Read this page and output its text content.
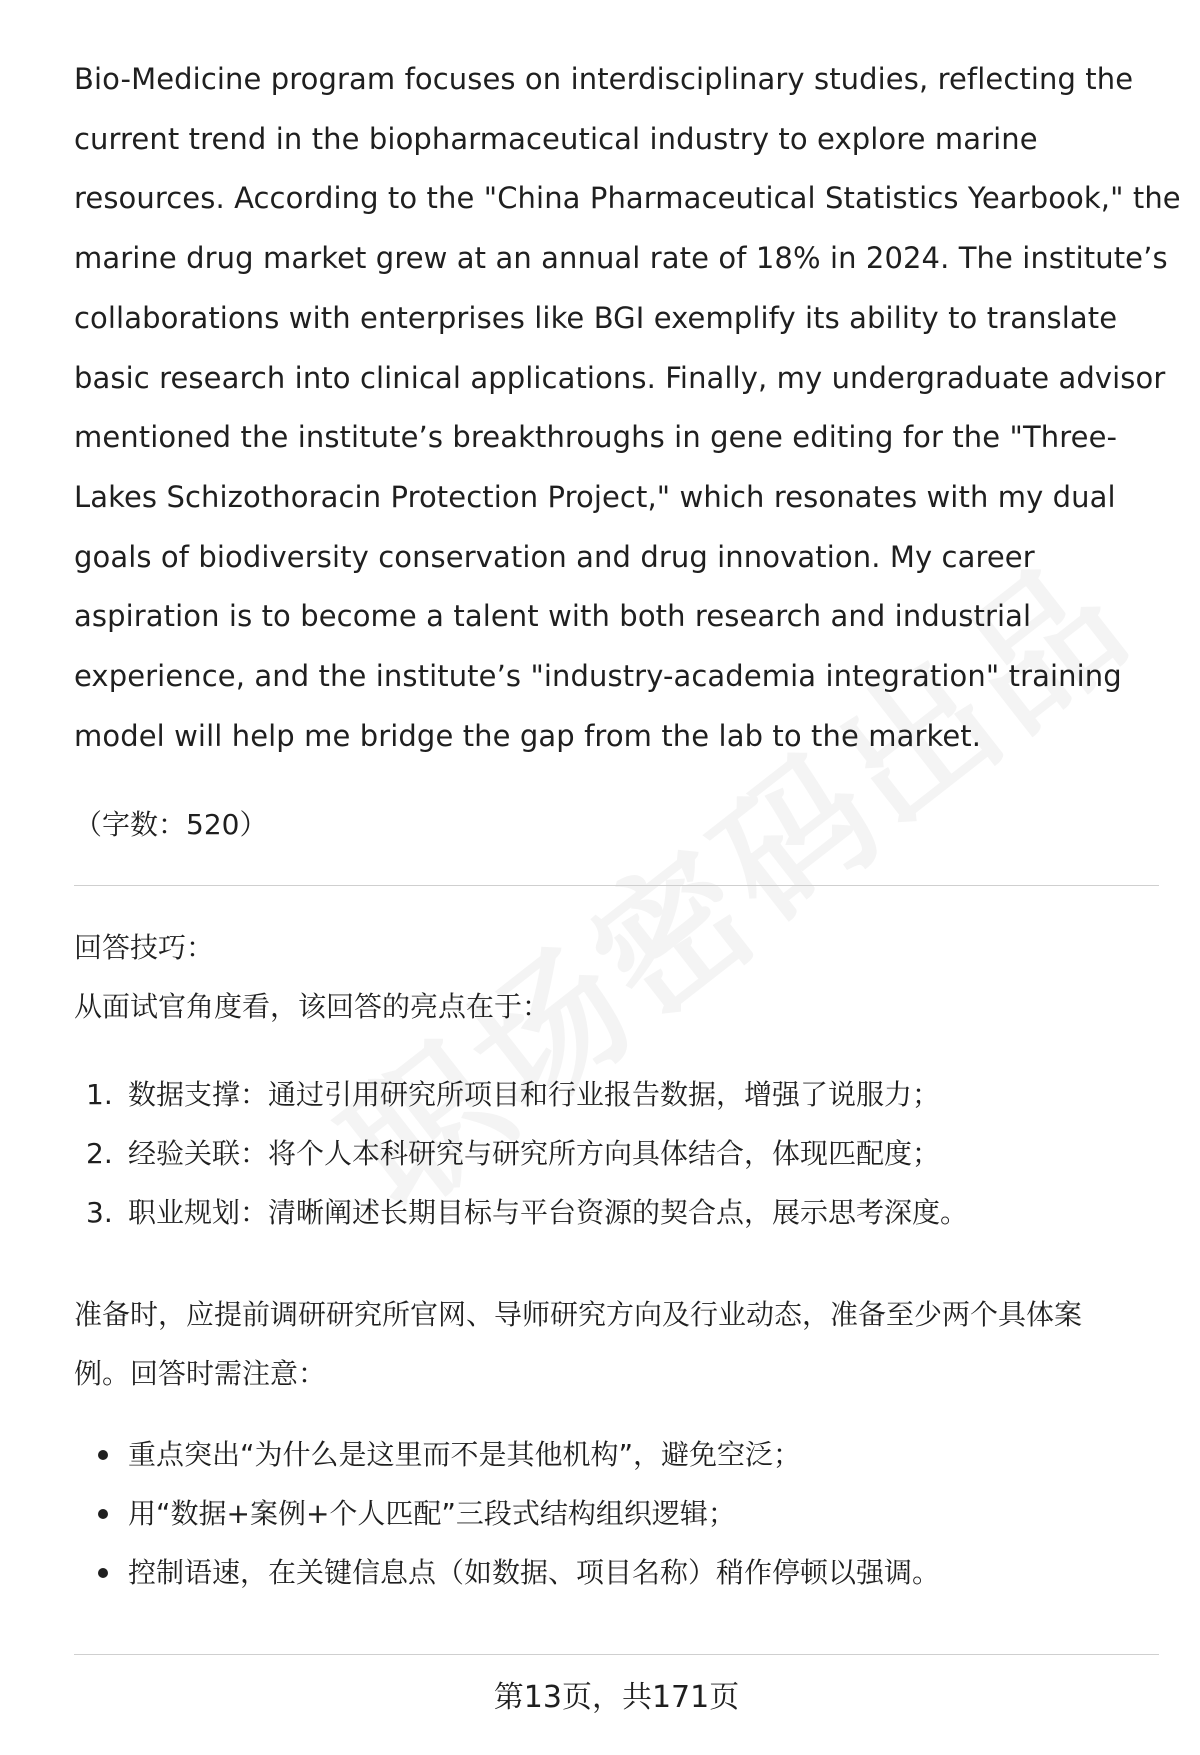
Bio-Medicine program focuses on interdisciplinary studies, reflecting the
current trend in the biopharmaceutical industry to explore marine
resources. According to the "China Pharmaceutical Statistics Yearbook," the
marine drug market grew at an annual rate of 18% in 2024. The institute’s
collaborations with enterprises like BGI exemplify its ability to translate
basic research into clinical applications. Finally, my undergraduate advisor
mentioned the institute’s breakthroughs in gene editing for the "Three-
Lakes Schizothoracin Protection Project," which resonates with my dual
goals of biodiversity conservation and drug innovation. My career
aspiration is to become a talent with both research and industrial
experience, and the institute’s "industry-academia integration" training
model will help me bridge the gap from the lab to the market.

（字数：520）
回答技巧：
从面试官角度看，该回答的亮点在于：
1. 数据支撑：通过引用研究所项目和行业报告数据，增强了说服力；
2. 经验关联：将个人本科研究与研究所方向具体结合，体现匹配度；
3. 职业规划：清晰阐述长期目标与平台资源的契合点，展示思考深度。
准备时，应提前调研研究所官网、导师研究方向及行业动态，准备至少两个具体案
例。回答时需注意：
重点突出“为什么是这里而不是其他机构”，避免空泛；
用“数据+案例+个人匹配”三段式结构组织逻辑；
控制语速，在关键信息点（如数据、项目名称）稍作停顿以强调。
第13页，共171页
